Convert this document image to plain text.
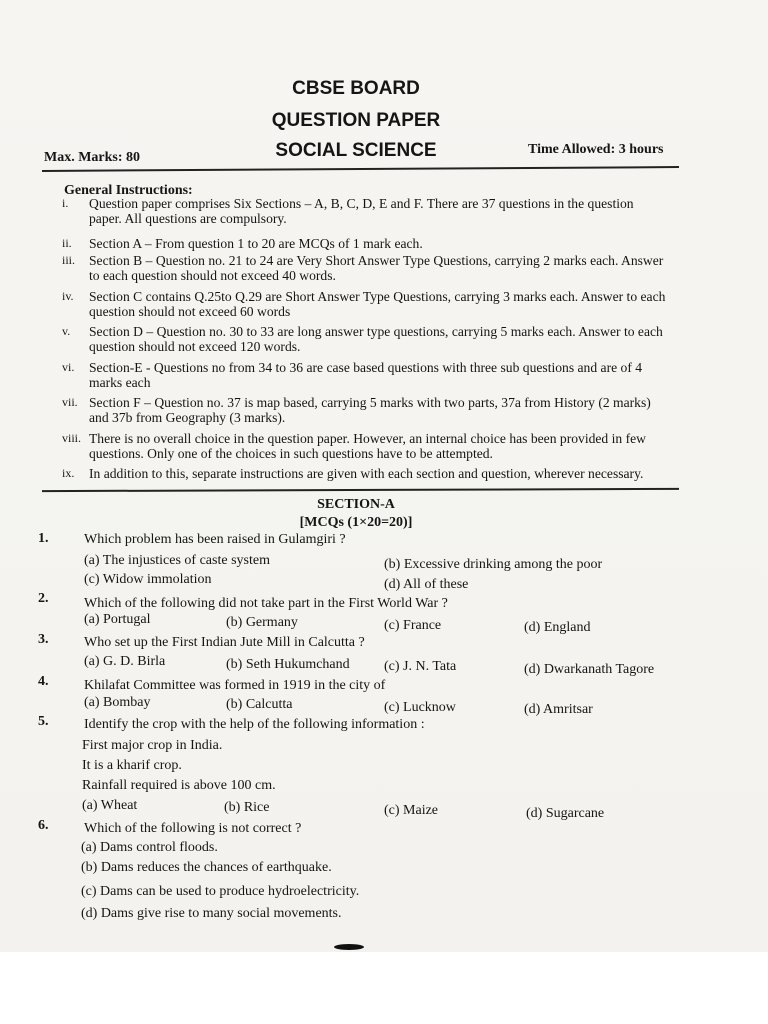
CBSE BOARD
QUESTION PAPER
SOCIAL SCIENCE
Max. Marks: 80
Time Allowed: 3 hours
General Instructions:
i.	Question paper comprises Six Sections – A, B, C, D, E and F. There are 37 questions in the question paper. All questions are compulsory.
ii.	Section A – From question 1 to 20 are MCQs of 1 mark each.
iii.	Section B – Question no. 21 to 24 are Very Short Answer Type Questions, carrying 2 marks each. Answer to each question should not exceed 40 words.
iv.	Section C contains Q.25to Q.29 are Short Answer Type Questions, carrying 3 marks each. Answer to each question should not exceed 60 words
v.	Section D – Question no. 30 to 33 are long answer type questions, carrying 5 marks each. Answer to each question should not exceed 120 words.
vi.	Section-E - Questions no from 34 to 36 are case based questions with three sub questions and are of 4 marks each
vii. Section F – Question no. 37 is map based, carrying 5 marks with two parts, 37a from History (2 marks) and 37b from Geography (3 marks).
viii. There is no overall choice in the question paper. However, an internal choice has been provided in few questions. Only one of the choices in such questions have to be attempted.
ix.	In addition to this, separate instructions are given with each section and question, wherever necessary.
SECTION-A
[MCQs (1×20=20)]
1.	Which problem has been raised in Gulamgiri ?
(a) The injustices of caste system	(b) Excessive drinking among the poor
(c) Widow immolation	(d) All of these
2.	Which of the following did not take part in the First World War ?
(a) Portugal	(b) Germany	(c) France	(d) England
3.	Who set up the First Indian Jute Mill in Calcutta ?
(a) G. D. Birla	(b) Seth Hukumchand (c) J. N. Tata	(d) Dwarkanath Tagore
4.	Khilafat Committee was formed in 1919 in the city of
(a) Bombay	(b) Calcutta	(c) Lucknow	(d) Amritsar
5.	Identify the crop with the help of the following information :
First major crop in India.
It is a kharif crop.
Rainfall required is above 100 cm.
(a) Wheat	(b) Rice	(c) Maize	(d) Sugarcane
6.	Which of the following is not correct ?
(a) Dams control floods.
(b) Dams reduces the chances of earthquake.
(c) Dams can be used to produce hydroelectricity.
(d) Dams give rise to many social movements.
